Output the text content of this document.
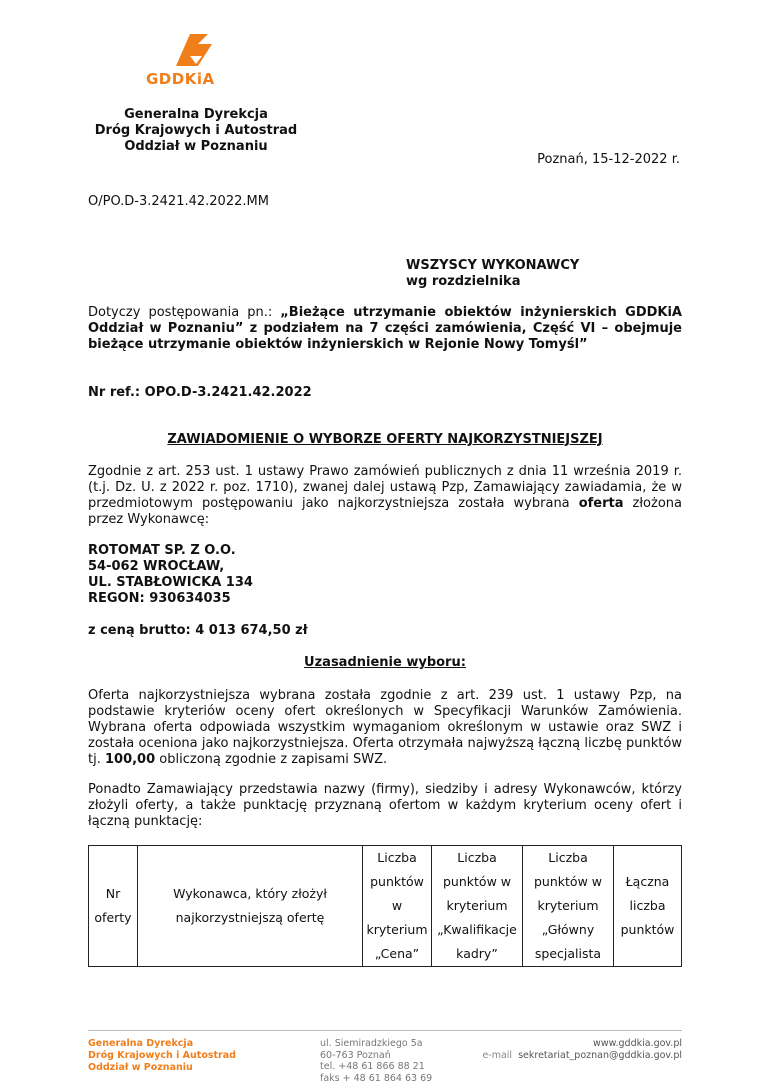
GDDKiA
Generalna Dyrekcja
Dróg Krajowych i Autostrad
Oddział w Poznaniu
Poznań, 15-12-2022 r.
O/PO.D-3.2421.42.2022.MM
WSZYSCY WYKONAWCY
wg rozdzielnika
Dotyczy postępowania pn.: „Bieżące utrzymanie obiektów inżynierskich GDDKiA Oddział w Poznaniu” z podziałem na 7 części zamówienia, Część VI – obejmuje bieżące utrzymanie obiektów inżynierskich w Rejonie Nowy Tomyśl”
Nr ref.: OPO.D-3.2421.42.2022
ZAWIADOMIENIE O WYBORZE OFERTY NAJKORZYSTNIEJSZEJ
Zgodnie z art. 253 ust. 1 ustawy Prawo zamówień publicznych z dnia 11 września 2019 r. (t.j. Dz. U. z 2022 r. poz. 1710), zwanej dalej ustawą Pzp, Zamawiający zawiadamia, że w przedmiotowym postępowaniu jako najkorzystniejsza została wybrana oferta złożona przez Wykonawcę:
ROTOMAT SP. Z O.O.
54-062 WROCŁAW,
UL. STABŁOWICKA 134
REGON: 930634035
z ceną brutto: 4 013 674,50 zł
Uzasadnienie wyboru:
Oferta najkorzystniejsza wybrana została zgodnie z art. 239 ust. 1 ustawy Pzp, na podstawie kryteriów oceny ofert określonych w Specyfikacji Warunków Zamówienia. Wybrana oferta odpowiada wszystkim wymaganiom określonym w ustawie oraz SWZ i została oceniona jako najkorzystniejsza. Oferta otrzymała najwyższą łączną liczbę punktów tj. 100,00 obliczoną zgodnie z zapisami SWZ.
Ponadto Zamawiający przedstawia nazwy (firmy), siedziby i adresy Wykonawców, którzy złożyli oferty, a także punktację przyznaną ofertom w każdym kryterium oceny ofert i łączną punktację:
Nr
oferty

Wykonawca, który złożył
najkorzystniejszą ofertę

Liczba
punktów
w
kryterium
„Cena”

Liczba
punktów w
kryterium
„Kwalifikacje
kadry”

Liczba
punktów w
kryterium
„Główny
specjalista

Łączna
liczba
punktów
Generalna Dyrekcja
Dróg Krajowych i Autostrad
Oddział w Poznaniu
ul. Siemiradzkiego 5a
60-763 Poznań
tel. +48 61 866 88 21
faks + 48 61 864 63 69
www.gddkia.gov.pl
e-mail sekretariat_poznan@gddkia.gov.pl
